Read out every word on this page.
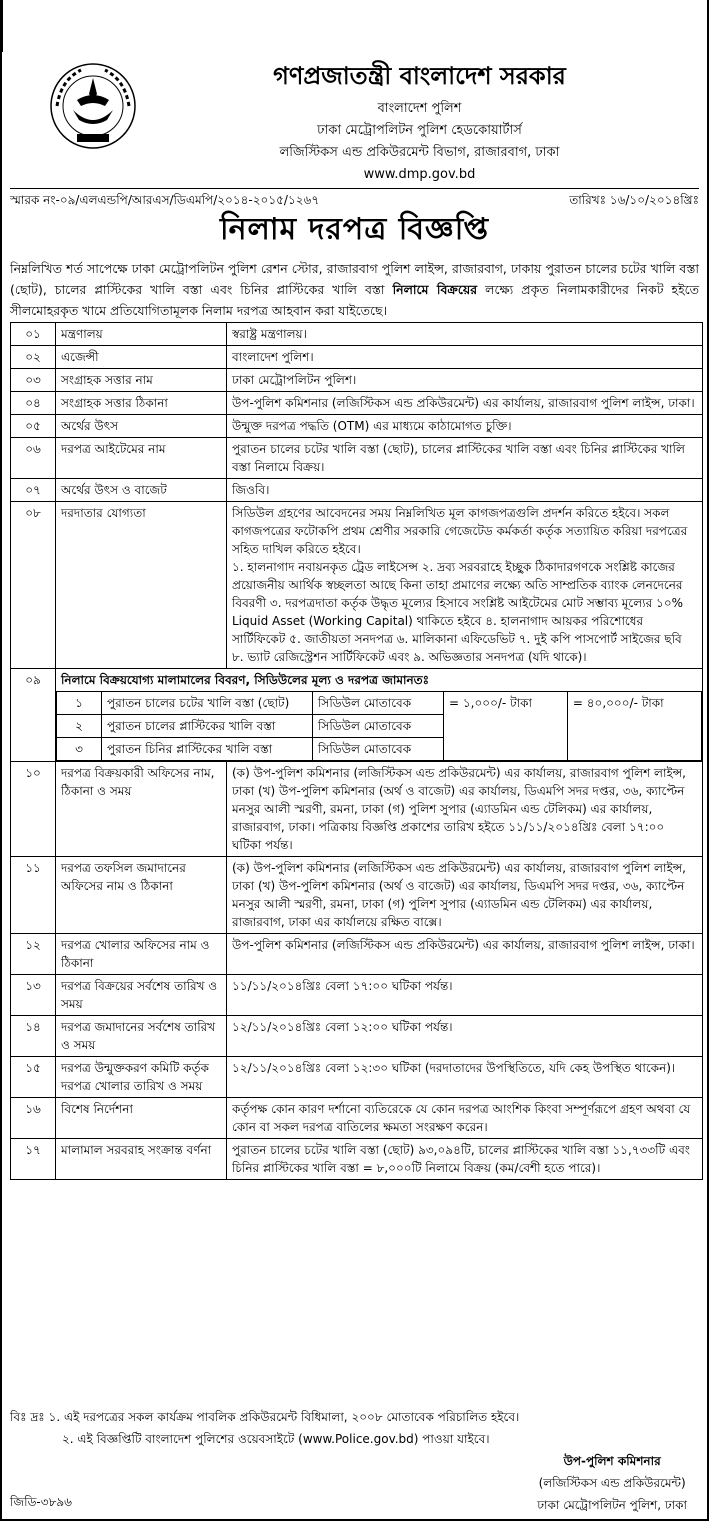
গণপ্রজাতন্ত্রী বাংলাদেশ সরকার
বাংলাদেশ পুলিশ
ঢাকা মেট্রোপলিটন পুলিশ হেডকোয়ার্টার্স
লজিস্টিকস এন্ড প্রকিউরমেন্ট বিভাগ, রাজারবাগ, ঢাকা
www.dmp.gov.bd
স্মারক নং-০৯/এলএন্ডপি/আরএস/ডিএমপি/২০১৪-২০১৫/১২৬৭	তারিখঃ ১৬/১০/২০১৪খ্রিঃ
নিলাম দরপত্র বিজ্ঞপ্তি
নিম্নলিখিত শর্ত সাপেক্ষে ঢাকা মেট্রোপলিটন পুলিশ রেশন স্টোর, রাজারবাগ পুলিশ লাইন্স, রাজারবাগ, ঢাকায় পুরাতন চালের চটের খালি বস্তা (ছোট), চালের প্লাস্টিকের খালি বস্তা এবং চিনির প্লাস্টিকের খালি বস্তা নিলামে বিক্রয়ের লক্ষ্যে প্রকৃত নিলামকারীদের নিকট হইতে সীলমোহরকৃত খামে প্রতিযোগিতামূলক নিলাম দরপত্র আহবান করা যাইতেছে।
০১	মন্ত্রণালয়	স্বরাষ্ট্র মন্ত্রণালয়।
০২	এজেন্সী	বাংলাদেশ পুলিশ।
০৩	সংগ্রাহক সত্তার নাম	ঢাকা মেট্রোপলিটন পুলিশ।
০৪	সংগ্রাহক সত্তার ঠিকানা	উপ-পুলিশ কমিশনার (লজিস্টিকস এন্ড প্রকিউরমেন্ট) এর কার্যালয়, রাজারবাগ পুলিশ লাইন্স, ঢাকা।
০৫	অর্থের উৎস	উন্মুক্ত দরপত্র পদ্ধতি (OTM) এর মাধ্যমে কাঠামোগত চুক্তি।
০৬	দরপত্র আইটেমের নাম	পুরাতন চালের চটের খালি বস্তা (ছোট), চালের প্লাস্টিকের খালি বস্তা এবং চিনির প্লাস্টিকের খালি বস্তা নিলামে বিক্রয়।
০৭	অর্থের উৎস ও বাজেট	জিওবি।
০৮	দরদাতার যোগ্যতা	সিডিউল গ্রহণের আবেদনের সময় নিম্নলিখিত মূল কাগজপত্রগুলি প্রদর্শন করিতে হইবে। সকল কাগজপত্রের ফটোকপি প্রথম শ্রেণীর সরকারি গেজেটেড কর্মকর্তা কর্তৃক সত্যায়িত করিয়া দরপত্রের সহিত দাখিল করিতে হইবে।
১. হালনাগাদ নবায়নকৃত ট্রেড লাইসেন্স ২. দ্রব্য সরবরাহে ইচ্ছুক ঠিকাদারগণকে সংশ্লিষ্ট কাজের প্রয়োজনীয় আর্থিক স্বচ্ছলতা আছে কিনা তাহা প্রমাণের লক্ষ্যে অতি সাম্প্রতিক ব্যাংক লেনদেনের বিবরণী ৩. দরপত্রদাতা কর্তৃক উদ্ধৃত মূল্যের হিসাবে সংশ্লিষ্ট আইটেমের মোট সম্ভাব্য মূল্যের ১০% Liquid Asset (Working Capital) থাকিতে হইবে ৪. হালনাগাদ আয়কর পরিশোধের সার্টিফিকেট ৫. জাতীয়তা সনদপত্র ৬. মালিকানা এফিডেভিট ৭. দুই কপি পাসপোর্ট সাইজের ছবি ৮. ভ্যাট রেজিস্ট্রেশন সার্টিফিকেট এবং ৯. অভিজ্ঞতার সনদপত্র (যদি থাকে)।

০৯	নিলামে বিক্রয়যোগ্য মালামালের বিবরণ, সিডিউলের মূল্য ও দরপত্র জামানতঃ
১	পুরাতন চালের চটের খালি বস্তা (ছোট)	সিডিউল মোতাবেক	= ১,০০০/- টাকা	= ৪০,০০০/- টাকা
২	পুরাতন চালের প্লাস্টিকের খালি বস্তা	সিডিউল মোতাবেক
৩	পুরাতন চিনির প্লাস্টিকের খালি বস্তা	সিডিউল মোতাবেক

১০	দরপত্র বিক্রয়কারী অফিসের নাম, ঠিকানা ও সময়	(ক) উপ-পুলিশ কমিশনার (লজিস্টিকস এন্ড প্রকিউরমেন্ট) এর কার্যালয়, রাজারবাগ পুলিশ লাইন্স, ঢাকা (খ) উপ-পুলিশ কমিশনার (অর্থ ও বাজেট) এর কার্যালয়, ডিএমপি সদর দপ্তর, ৩৬, ক্যাপ্টেন মনসুর আলী স্মরণী, রমনা, ঢাকা (গ) পুলিশ সুপার (এ্যাডমিন এন্ড টেলিকম) এর কার্যালয়, রাজারবাগ, ঢাকা। পত্রিকায় বিজ্ঞপ্তি প্রকাশের তারিখ হইতে ১১/১১/২০১৪খ্রিঃ বেলা ১৭:০০ ঘটিকা পর্যন্ত।
১১	দরপত্র তফসিল জমাদানের অফিসের নাম ও ঠিকানা	(ক) উপ-পুলিশ কমিশনার (লজিস্টিকস এন্ড প্রকিউরমেন্ট) এর কার্যালয়, রাজারবাগ পুলিশ লাইন্স, ঢাকা (খ) উপ-পুলিশ কমিশনার (অর্থ ও বাজেট) এর কার্যালয়, ডিএমপি সদর দপ্তর, ৩৬, ক্যাপ্টেন মনসুর আলী স্মরণী, রমনা, ঢাকা (গ) পুলিশ সুপার (এ্যাডমিন এন্ড টেলিকম) এর কার্যালয়, রাজারবাগ, ঢাকা এর কার্যালয়ে রক্ষিত বাক্সে।
১২	দরপত্র খোলার অফিসের নাম ও ঠিকানা	উপ-পুলিশ কমিশনার (লজিস্টিকস এন্ড প্রকিউরমেন্ট) এর কার্যালয়, রাজারবাগ পুলিশ লাইন্স, ঢাকা।
১৩	দরপত্র বিক্রয়ের সর্বশেষ তারিখ ও সময়	১১/১১/২০১৪খ্রিঃ বেলা ১৭:০০ ঘটিকা পর্যন্ত।
১৪	দরপত্র জমাদানের সর্বশেষ তারিখ ও সময়	১২/১১/২০১৪খ্রিঃ বেলা ১২:০০ ঘটিকা পর্যন্ত।
১৫	দরপত্র উন্মুক্তকরণ কমিটি কর্তৃক দরপত্র খোলার তারিখ ও সময়	১২/১১/২০১৪খ্রিঃ বেলা ১২:৩০ ঘটিকা (দরদাতাদের উপস্থিতিতে, যদি কেহ উপস্থিত থাকেন)।
১৬	বিশেষ নির্দেশনা	কর্তৃপক্ষ কোন কারণ দর্শানো ব্যতিরেকে যে কোন দরপত্র আংশিক কিংবা সম্পূর্ণরূপে গ্রহণ অথবা যে কোন বা সকল দরপত্র বাতিলের ক্ষমতা সংরক্ষণ করেন।
১৭	মালামাল সরবরাহ সংক্রান্ত বর্ণনা	পুরাতন চালের চটের খালি বস্তা (ছোট) ৯৩,০৯৪টি, চালের প্লাস্টিকের খালি বস্তা ১১,৭৩৩টি এবং চিনির প্লাস্টিকের খালি বস্তা = ৮,০০০টি নিলামে বিক্রয় (কম/বেশী হতে পারে)।
বিঃ দ্রঃ ১. এই দরপত্রের সকল কার্যক্রম পাবলিক প্রকিউরমেন্ট বিধিমালা, ২০০৮ মোতাবেক পরিচালিত হইবে।
২. এই বিজ্ঞপ্তিটি বাংলাদেশ পুলিশের ওয়েবসাইটে (www.Police.gov.bd) পাওয়া যাইবে।
উপ-পুলিশ কমিশনার
(লজিস্টিকস এন্ড প্রকিউরমেন্ট)
ঢাকা মেট্রোপলিটন পুলিশ, ঢাকা
জিডি-৩৮৯৬
